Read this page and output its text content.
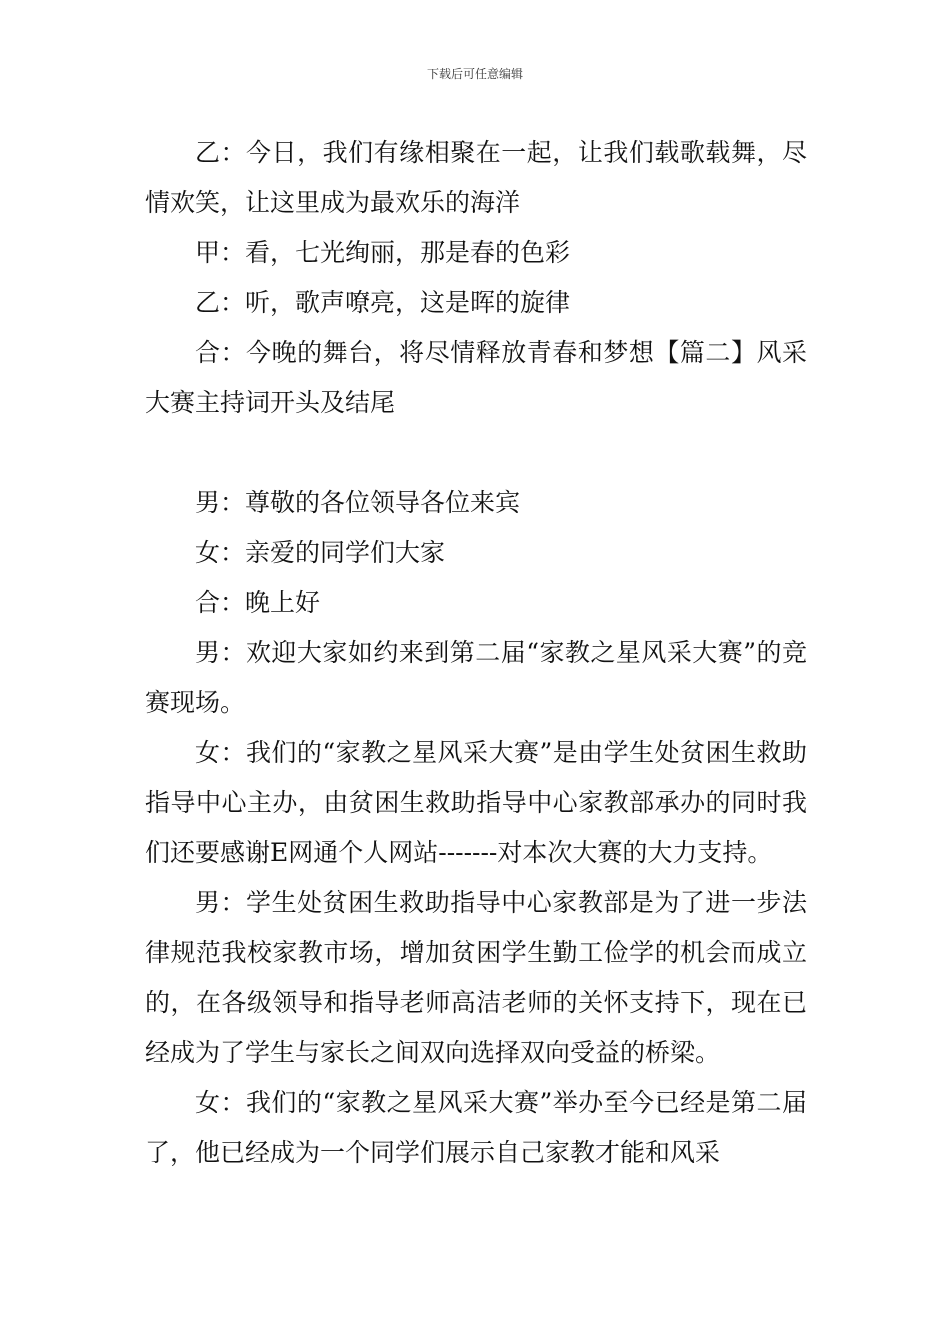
下载后可任意编辑

乙：今日，我们有缘相聚在一起，让我们载歌载舞，尽情欢笑，让这里成为最欢乐的海洋

甲：看，七光绚丽，那是春的色彩

乙：听，歌声嘹亮，这是晖的旋律

合：今晚的舞台，将尽情释放青春和梦想【篇二】风采大赛主持词开头及结尾

男：尊敬的各位领导各位来宾

女：亲爱的同学们大家

合：晚上好

男：欢迎大家如约来到第二届“家教之星风采大赛”的竞赛现场。

女：我们的“家教之星风采大赛”是由学生处贫困生救助指导中心主办，由贫困生救助指导中心家教部承办的同时我们还要感谢E网通个人网站-------对本次大赛的大力支持。

男：学生处贫困生救助指导中心家教部是为了进一步法律规范我校家教市场，增加贫困学生勤工俭学的机会而成立的，在各级领导和指导老师高洁老师的关怀支持下，现在已经成为了学生与家长之间双向选择双向受益的桥梁。

女：我们的“家教之星风采大赛”举办至今已经是第二届了，他已经成为一个同学们展示自己家教才能和风采
